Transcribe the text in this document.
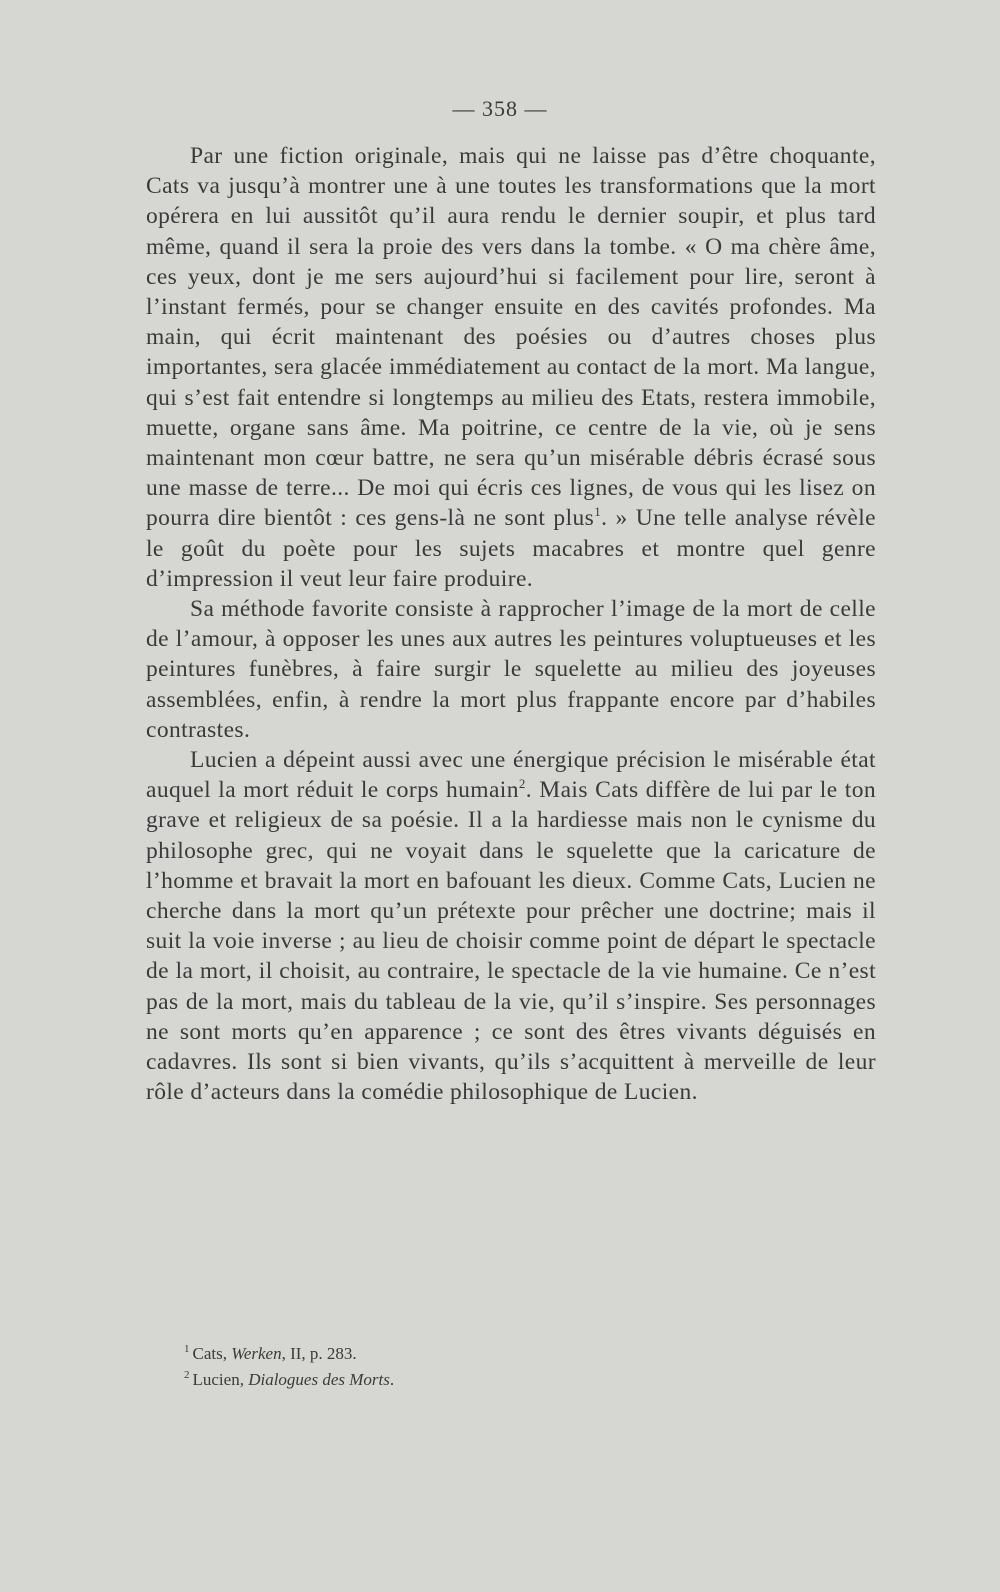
— 358 —

Par une fiction originale, mais qui ne laisse pas d’être choquante, Cats va jusqu’à montrer une à une toutes les transformations que la mort opérera en lui aussitôt qu’il aura rendu le dernier soupir, et plus tard même, quand il sera la proie des vers dans la tombe. « O ma chère âme, ces yeux, dont je me sers aujourd’hui si facilement pour lire, seront à l’instant fermés, pour se changer ensuite en des cavités profondes. Ma main, qui écrit maintenant des poésies ou d’autres choses plus importantes, sera glacée immédiatement au contact de la mort. Ma langue, qui s’est fait entendre si longtemps au milieu des Etats, restera immobile, muette, organe sans âme. Ma poitrine, ce centre de la vie, où je sens maintenant mon cœur battre, ne sera qu’un misérable débris écrasé sous une masse de terre... De moi qui écris ces lignes, de vous qui les lisez on pourra dire bientôt : ces gens-là ne sont plus$^1$. » Une telle analyse révèle le goût du poète pour les sujets macabres et montre quel genre d’impression il veut leur faire produire.

Sa méthode favorite consiste à rapprocher l’image de la mort de celle de l’amour, à opposer les unes aux autres les peintures voluptueuses et les peintures funèbres, à faire surgir le squelette au milieu des joyeuses assemblées, enfin, à rendre la mort plus frappante encore par d’habiles contrastes.

Lucien a dépeint aussi avec une énergique précision le misérable état auquel la mort réduit le corps humain$^2$. Mais Cats diffère de lui par le ton grave et religieux de sa poésie. Il a la hardiesse mais non le cynisme du philosophe grec, qui ne voyait dans le squelette que la caricature de l’homme et bravait la mort en bafouant les dieux. Comme Cats, Lucien ne cherche dans la mort qu’un prétexte pour prêcher une doctrine; mais il suit la voie inverse ; au lieu de choisir comme point de départ le spectacle de la mort, il choisit, au contraire, le spectacle de la vie humaine. Ce n’est pas de la mort, mais du tableau de la vie, qu’il s’inspire. Ses personnages ne sont morts qu’en apparence ; ce sont des êtres vivants déguisés en cadavres. Ils sont si bien vivants, qu’ils s’acquittent à merveille de leur rôle d’acteurs dans la comédie philosophique de Lucien.

$^1$ Cats, Werken, II, p. 283.
$^2$ Lucien, Dialogues des Morts.
